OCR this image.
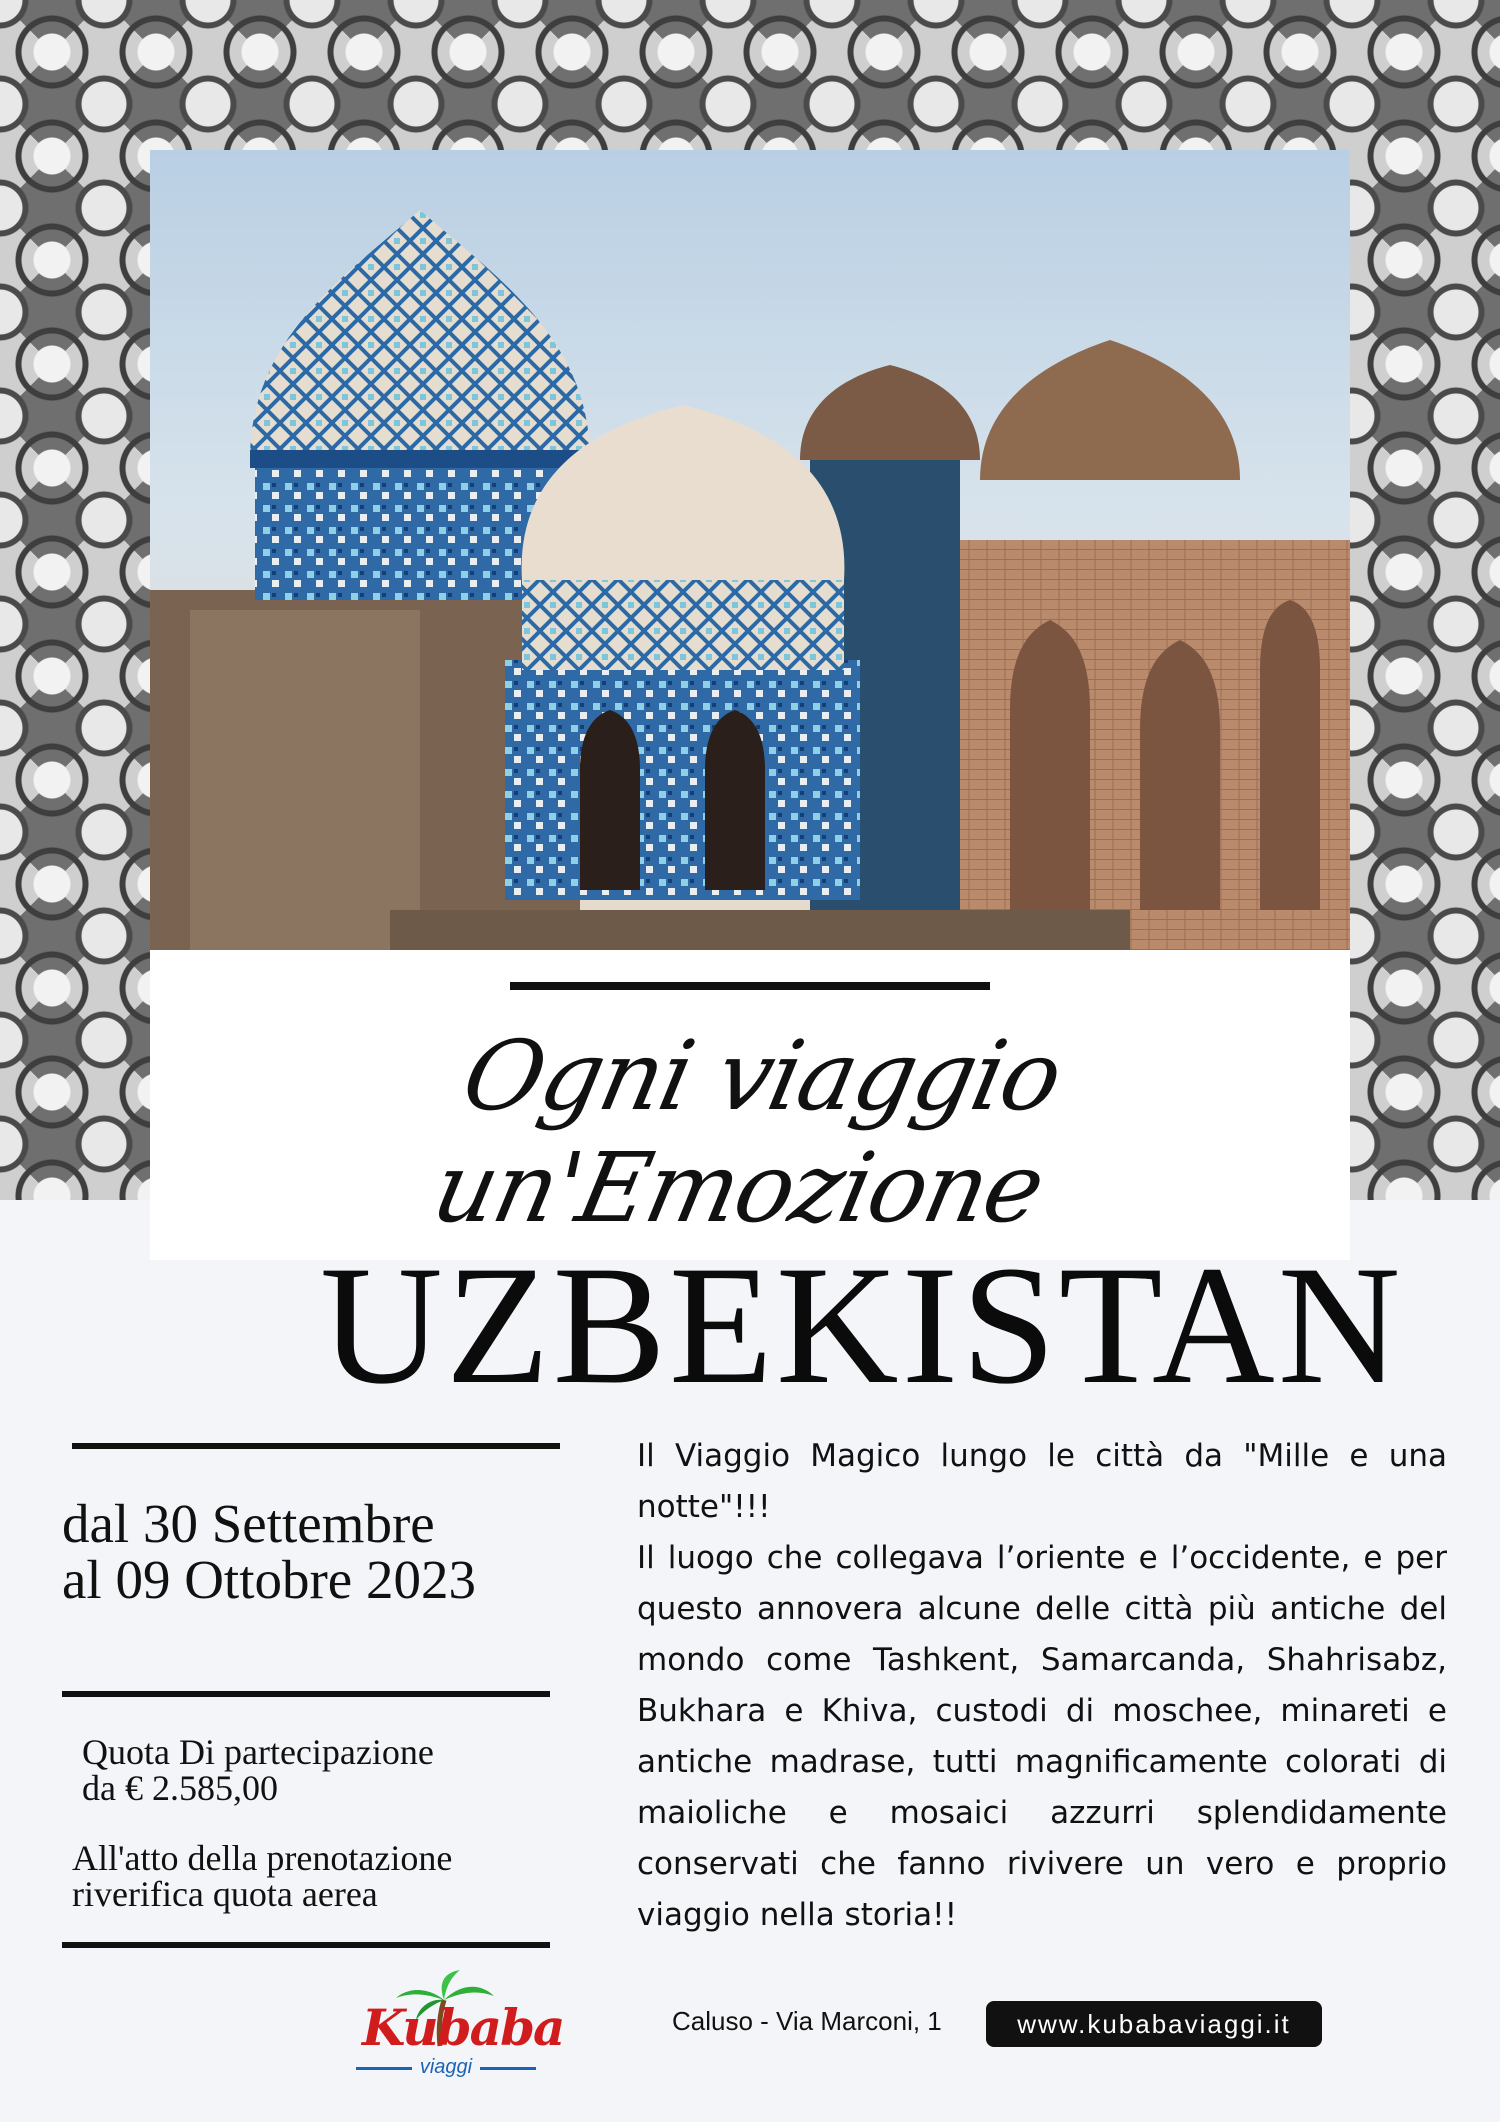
Ogni viaggio un'Emozione
UZBEKISTAN
dal 30 Settembre
al 09 Ottobre 2023
Quota Di partecipazione
da € 2.585,00
All'atto della prenotazione
riverifica quota aerea

Il Viaggio Magico lungo le città da "Mille e una notte"!!!

Il luogo che collegava l’oriente e l’occidente, e per questo annovera alcune delle città più antiche del mondo come Tashkent, Samarcanda, Shahrisabz, Bukhara e Khiva, custodi di moschee, minareti e antiche madrase, tutti magnificamente colorati di maioliche e mosaici azzurri splendidamente conservati che fanno rivivere un vero e proprio viaggio nella storia!!

Kubaba
viaggi
Caluso - Via Marconi, 1	www.kubabaviaggi.it
